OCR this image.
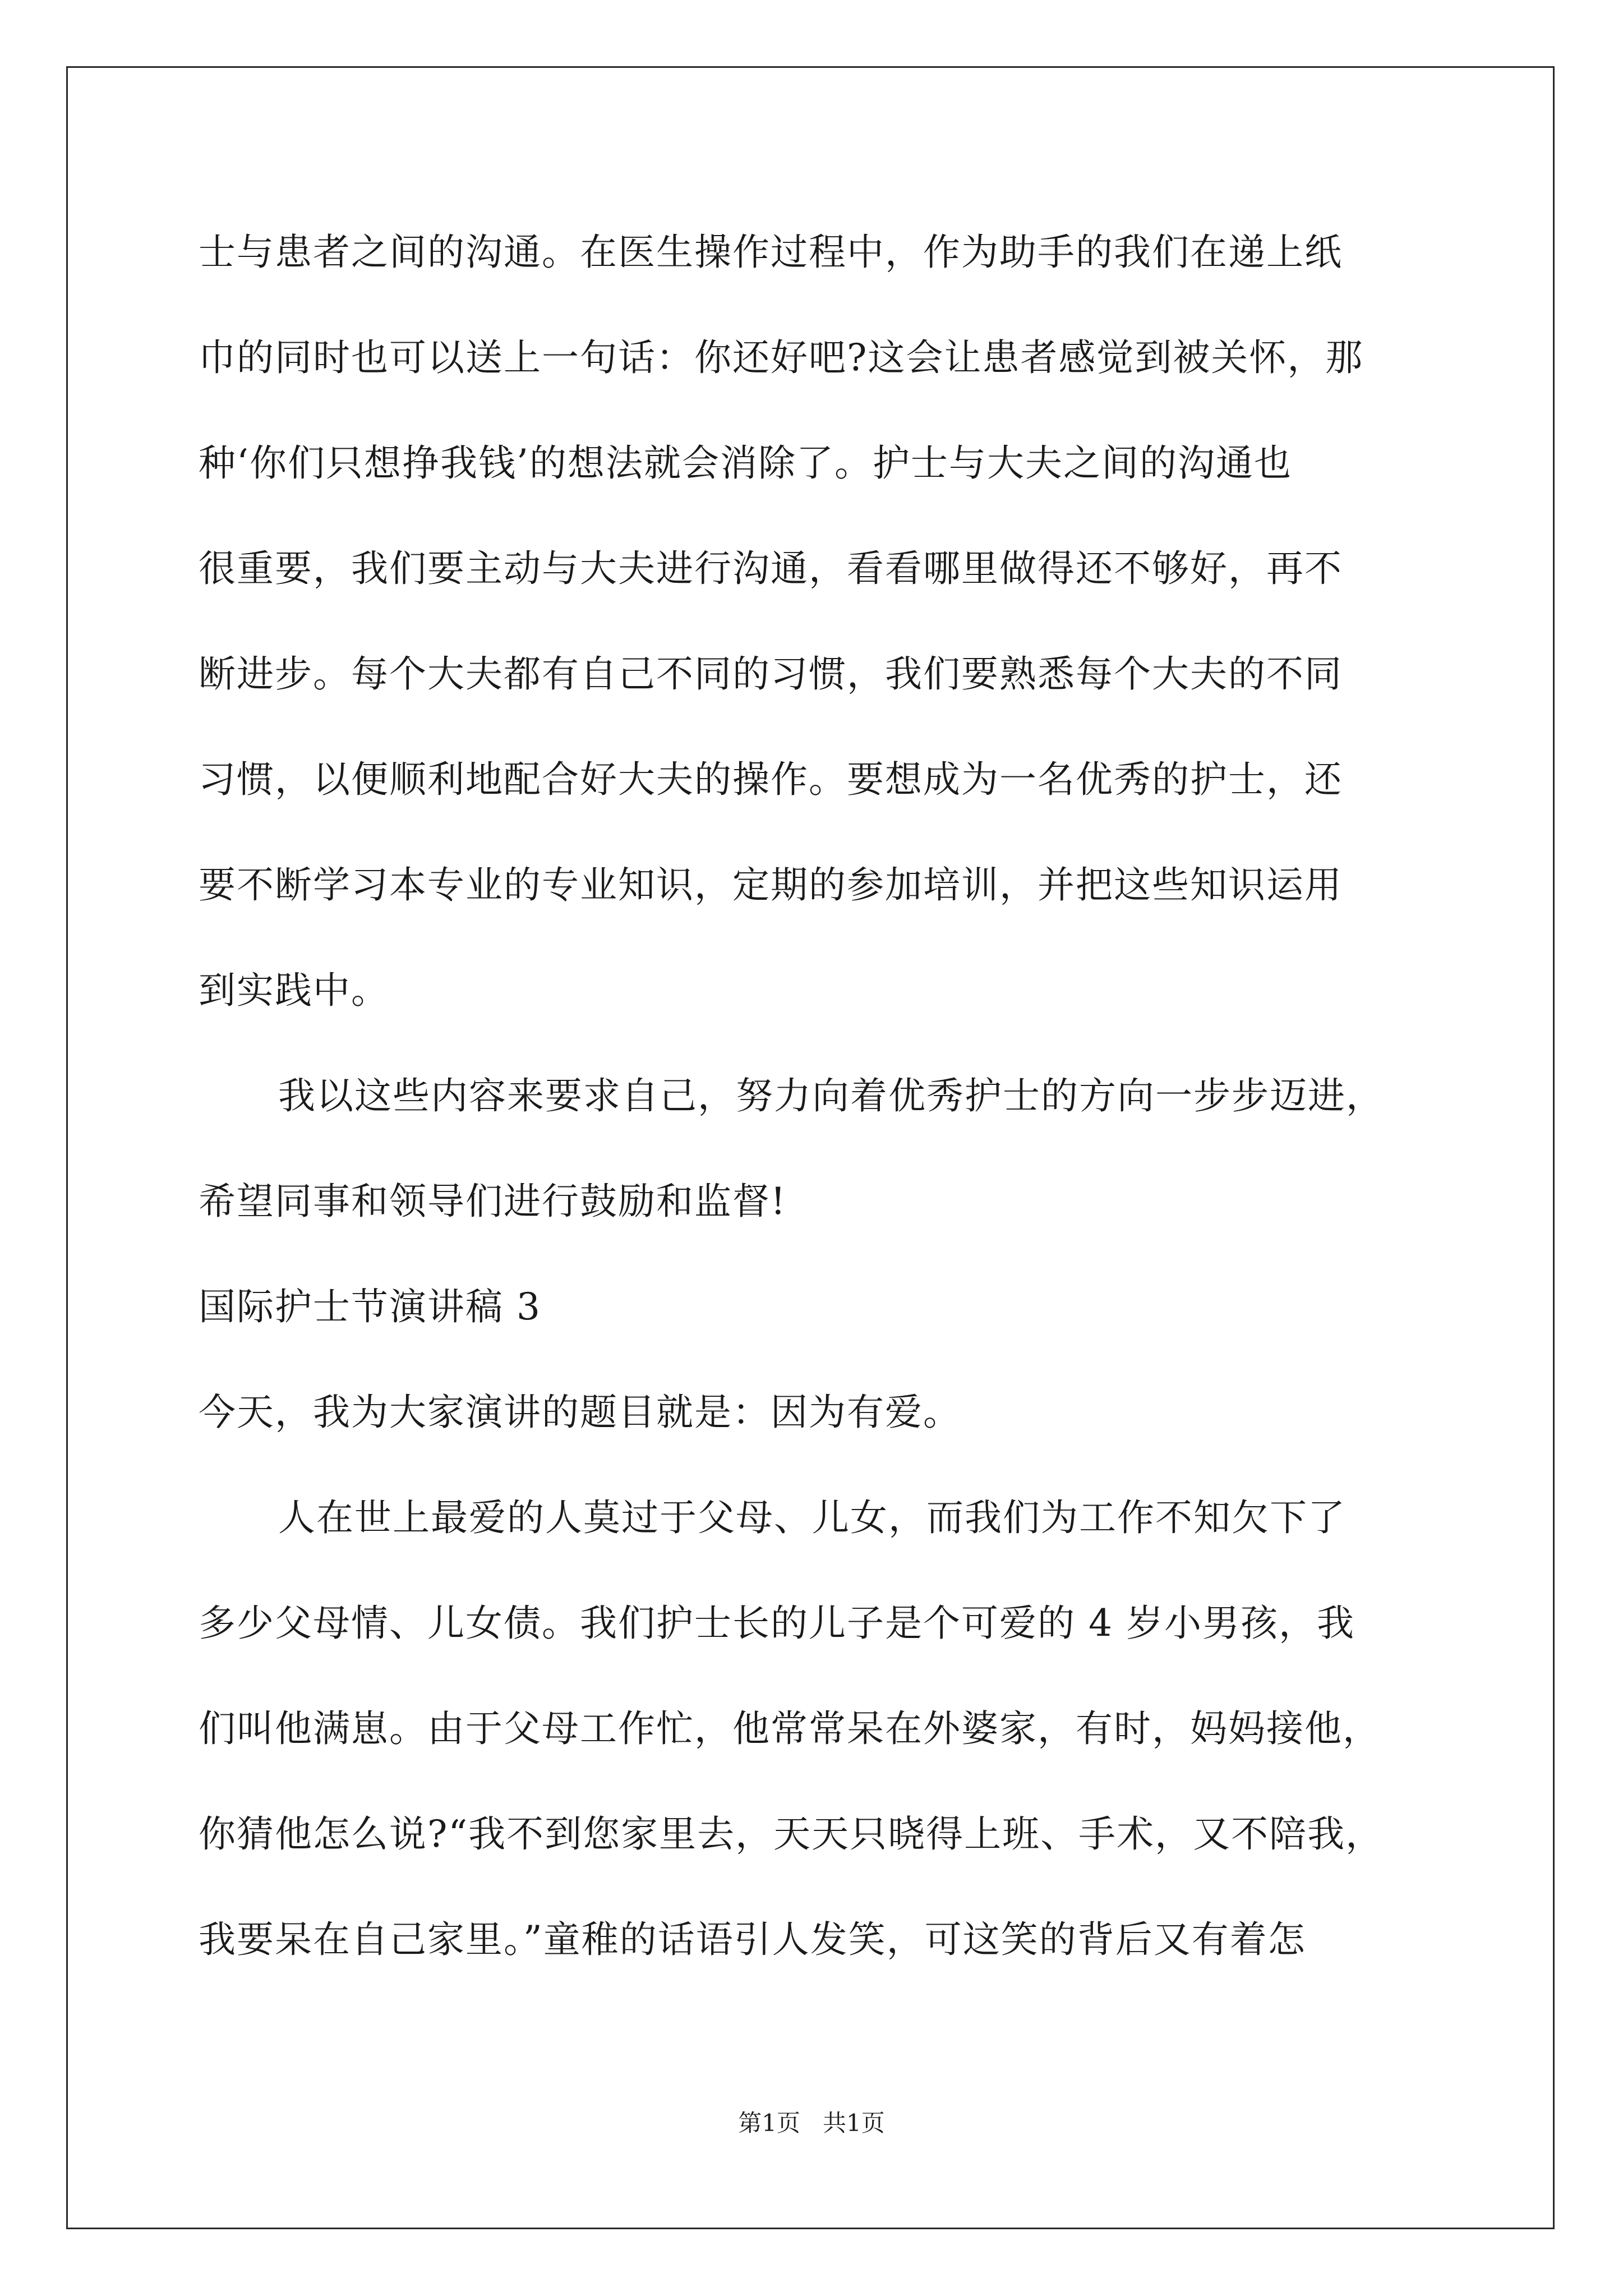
士与患者之间的沟通。在医生操作过程中，作为助手的我们在递上纸
巾的同时也可以送上一句话：你还好吧?这会让患者感觉到被关怀，那
种‘你们只想挣我钱’的想法就会消除了。护士与大夫之间的沟通也
很重要，我们要主动与大夫进行沟通，看看哪里做得还不够好，再不
断进步。每个大夫都有自己不同的习惯，我们要熟悉每个大夫的不同
习惯，以便顺利地配合好大夫的操作。要想成为一名优秀的护士，还
要不断学习本专业的专业知识，定期的参加培训，并把这些知识运用
到实践中。
我以这些内容来要求自己，努力向着优秀护士的方向一步步迈进，
希望同事和领导们进行鼓励和监督!
国际护士节演讲稿 3
今天，我为大家演讲的题目就是：因为有爱。
人在世上最爱的人莫过于父母、儿女，而我们为工作不知欠下了
多少父母情、儿女债。我们护士长的儿子是个可爱的 4 岁小男孩，我
们叫他满崽。由于父母工作忙，他常常呆在外婆家，有时，妈妈接他，
你猜他怎么说?“我不到您家里去，天天只晓得上班、手术，又不陪我，
我要呆在自己家里。”童稚的话语引人发笑，可这笑的背后又有着怎
第1页   共1页
